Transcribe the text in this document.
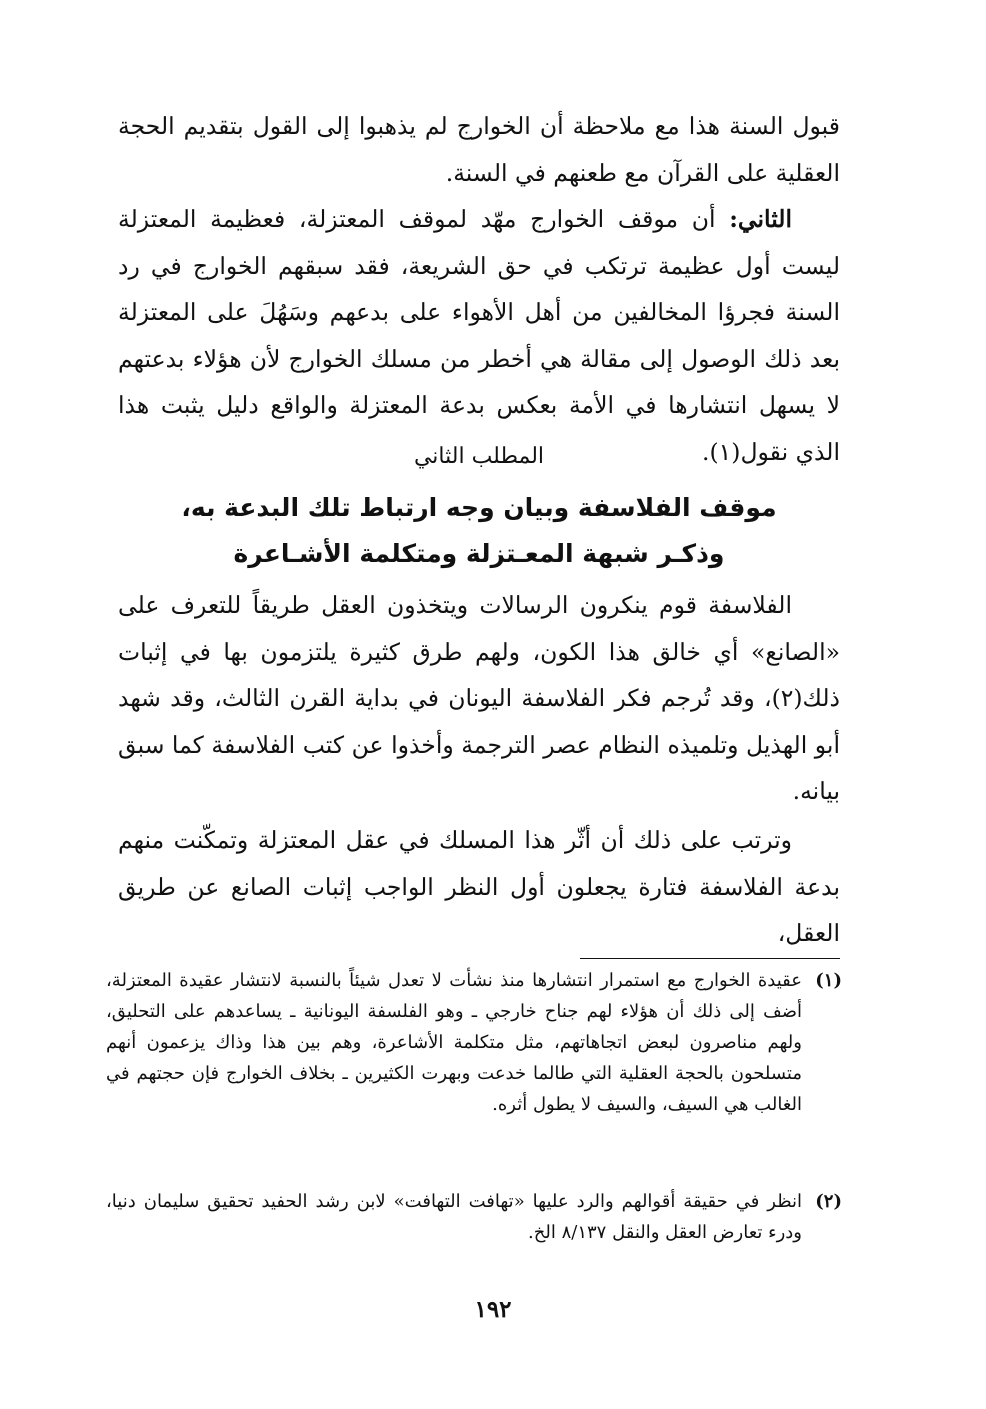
قبول السنة هذا مع ملاحظة أن الخوارج لم يذهبوا إلى القول بتقديم الحجة العقلية على القرآن مع طعنهم في السنة.

الثاني: أن موقف الخوارج مهّد لموقف المعتزلة، فعظيمة المعتزلة ليست أول عظيمة ترتكب في حق الشريعة، فقد سبقهم الخوارج في رد السنة فجرؤا المخالفين من أهل الأهواء على بدعهم وسَهُلَ على المعتزلة بعد ذلك الوصول إلى مقالة هي أخطر من مسلك الخوارج لأن هؤلاء بدعتهم لا يسهل انتشارها في الأمة بعكس بدعة المعتزلة والواقع دليل يثبت هذا الذي نقول(١).

المطلب الثاني
موقف الفلاسفة وبيان وجه ارتباط تلك البدعة به،
وذكـر شبهة المعـتزلة ومتكلمة الأشـاعرة

الفلاسفة قوم ينكرون الرسالات ويتخذون العقل طريقاً للتعرف على «الصانع» أي خالق هذا الكون، ولهم طرق كثيرة يلتزمون بها في إثبات ذلك(٢)، وقد تُرجم فكر الفلاسفة اليونان في بداية القرن الثالث، وقد شهد أبو الهذيل وتلميذه النظام عصر الترجمة وأخذوا عن كتب الفلاسفة كما سبق بيانه.

وترتب على ذلك أن أثّر هذا المسلك في عقل المعتزلة وتمكّنت منهم بدعة الفلاسفة فتارة يجعلون أول النظر الواجب إثبات الصانع عن طريق العقل،

(١)
عقيدة الخوارج مع استمرار انتشارها منذ نشأت لا تعدل شيئاً بالنسبة لانتشار عقيدة المعتزلة، أضف إلى ذلك أن هؤلاء لهم جناح خارجي ـ وهو الفلسفة اليونانية ـ يساعدهم على التحليق، ولهم مناصرون لبعض اتجاهاتهم، مثل متكلمة الأشاعرة، وهم بين هذا وذاك يزعمون أنهم متسلحون بالحجة العقلية التي طالما خدعت وبهرت الكثيرين ـ بخلاف الخوارج فإن حجتهم في الغالب هي السيف، والسيف لا يطول أثره.
(٢)
انظر في حقيقة أقوالهم والرد عليها «تهافت التهافت» لابن رشد الحفيد تحقيق سليمان دنيا، ودرء تعارض العقل والنقل ٨/١٣٧ الخ.
١٩٢
